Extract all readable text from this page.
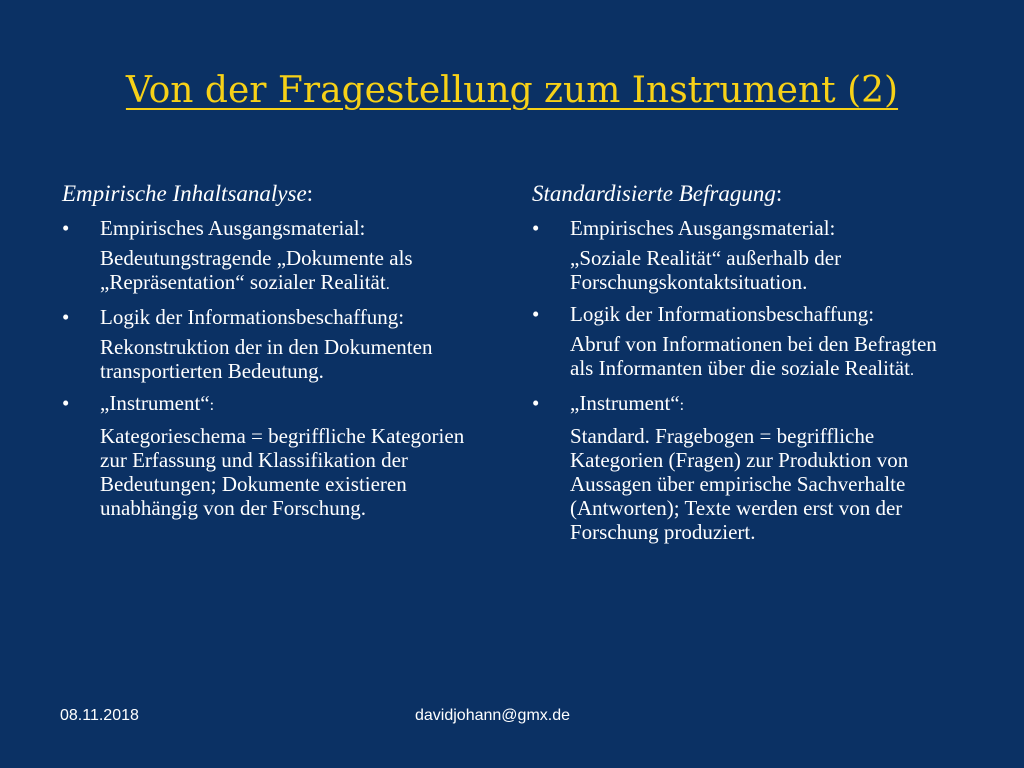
Von der Fragestellung zum Instrument (2)
Empirische Inhaltsanalyse:
• Empirisches Ausgangsmaterial:
Bedeutungstragende „Dokumente als „Repräsentation“ sozialer Realität.
• Logik der Informationsbeschaffung:
Rekonstruktion der in den Dokumenten transportierten Bedeutung.
• „Instrument“:
Kategorieschema = begriffliche Kategorien zur Erfassung und Klassifikation der Bedeutungen; Dokumente existieren unabhängig von der Forschung.
Standardisierte Befragung:
• Empirisches Ausgangsmaterial:
„Soziale Realität“ außerhalb der Forschungskontaktsituation.
• Logik der Informationsbeschaffung:
Abruf von Informationen bei den Befragten als Informanten über die soziale Realität.
• „Instrument“:
Standard. Fragebogen = begriffliche Kategorien (Fragen) zur Produktion von Aussagen über empirische Sachverhalte (Antworten); Texte werden erst von der Forschung produziert.
08.11.2018	davidjohann@gmx.de
